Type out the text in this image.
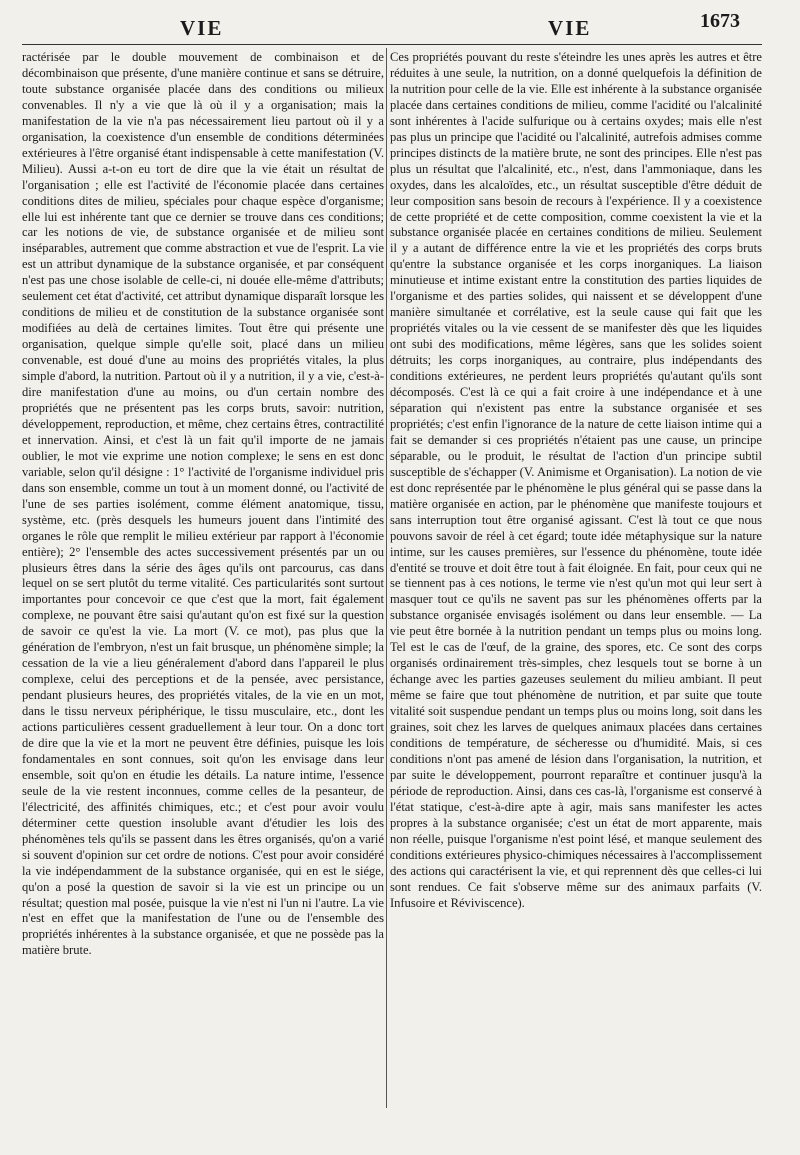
VIE	VIE	1673

ractérisée par le double mouvement de combinaison et de décombinaison que présente, d'une manière continue et sans se détruire, toute substance organisée placée dans des conditions ou milieux convenables. Il n'y a vie que là où il y a organisation; mais la manifestation de la vie n'a pas nécessairement lieu partout où il y a organisation, la coexistence d'un ensemble de conditions déterminées extérieures à l'être organisé étant indispensable à cette manifestation (V. Milieu). Aussi a-t-on eu tort de dire que la vie était un résultat de l'organisation ; elle est l'activité de l'économie placée dans certaines conditions dites de milieu, spéciales pour chaque espèce d'organisme; elle lui est inhérente tant que ce dernier se trouve dans ces conditions; car les notions de vie, de substance organisée et de milieu sont inséparables, autrement que comme abstraction et vue de l'esprit. La vie est un attribut dynamique de la substance organisée, et par conséquent n'est pas une chose isolable de celle-ci, ni douée elle-même d'attributs; seulement cet état d'activité, cet attribut dynamique disparaît lorsque les conditions de milieu et de constitution de la substance organisée sont modifiées au delà de certaines limites. Tout être qui présente une organisation, quelque simple qu'elle soit, placé dans un milieu convenable, est doué d'une au moins des propriétés vitales, la plus simple d'abord, la nutrition. Partout où il y a nutrition, il y a vie, c'est-à-dire manifestation d'une au moins, ou d'un certain nombre des propriétés que ne présentent pas les corps bruts, savoir: nutrition, développement, reproduction, et même, chez certains êtres, contractilité et innervation. Ainsi, et c'est là un fait qu'il importe de ne jamais oublier, le mot vie exprime une notion complexe; le sens en est donc variable, selon qu'il désigne : 1° l'activité de l'organisme individuel pris dans son ensemble, comme un tout à un moment donné, ou l'activité de l'une de ses parties isolément, comme élément anatomique, tissu, système, etc. (près desquels les humeurs jouent dans l'intimité des organes le rôle que remplit le milieu extérieur par rapport à l'économie entière); 2° l'ensemble des actes successivement présentés par un ou plusieurs êtres dans la série des âges qu'ils ont parcourus, cas dans lequel on se sert plutôt du terme vitalité. Ces particularités sont surtout importantes pour concevoir ce que c'est que la mort, fait également complexe, ne pouvant être saisi qu'autant qu'on est fixé sur la question de savoir ce qu'est la vie. La mort (V. ce mot), pas plus que la génération de l'embryon, n'est un fait brusque, un phénomène simple; la cessation de la vie a lieu généralement d'abord dans l'appareil le plus complexe, celui des perceptions et de la pensée, avec persistance, pendant plusieurs heures, des propriétés vitales, de la vie en un mot, dans le tissu nerveux périphérique, le tissu musculaire, etc., dont les actions particulières cessent graduellement à leur tour. On a donc tort de dire que la vie et la mort ne peuvent être définies, puisque les lois fondamentales en sont connues, soit qu'on les envisage dans leur ensemble, soit qu'on en étudie les détails. La nature intime, l'essence seule de la vie restent inconnues, comme celles de la pesanteur, de l'électricité, des affinités chimiques, etc.; et c'est pour avoir voulu déterminer cette question insoluble avant d'étudier les lois des phénomènes tels qu'ils se passent dans les êtres organisés, qu'on a varié si souvent d'opinion sur cet ordre de notions. C'est pour avoir considéré la vie indépendamment de la substance organisée, qui en est le siége, qu'on a posé la question de savoir si la vie est un principe ou un résultat; question mal posée, puisque la vie n'est ni l'un ni l'autre. La vie n'est en effet que la manifestation de l'une ou de l'ensemble des propriétés inhérentes à la substance organisée, et que ne possède pas la matière brute.

Ces propriétés pouvant du reste s'éteindre les unes après les autres et être réduites à une seule, la nutrition, on a donné quelquefois la définition de la nutrition pour celle de la vie. Elle est inhérente à la substance organisée placée dans certaines conditions de milieu, comme l'acidité ou l'alcalinité sont inhérentes à l'acide sulfurique ou à certains oxydes; mais elle n'est pas plus un principe que l'acidité ou l'alcalinité, autrefois admises comme principes distincts de la matière brute, ne sont des principes. Elle n'est pas plus un résultat que l'alcalinité, etc., n'est, dans l'ammoniaque, dans les oxydes, dans les alcaloïdes, etc., un résultat susceptible d'être déduit de leur composition sans besoin de recours à l'expérience. Il y a coexistence de cette propriété et de cette composition, comme coexistent la vie et la substance organisée placée en certaines conditions de milieu. Seulement il y a autant de différence entre la vie et les propriétés des corps bruts qu'entre la substance organisée et les corps inorganiques. La liaison minutieuse et intime existant entre la constitution des parties liquides de l'organisme et des parties solides, qui naissent et se développent d'une manière simultanée et corrélative, est la seule cause qui fait que les propriétés vitales ou la vie cessent de se manifester dès que les liquides ont subi des modifications, même légères, sans que les solides soient détruits; les corps inorganiques, au contraire, plus indépendants des conditions extérieures, ne perdent leurs propriétés qu'autant qu'ils sont décomposés. C'est là ce qui a fait croire à une indépendance et à une séparation qui n'existent pas entre la substance organisée et ses propriétés; c'est enfin l'ignorance de la nature de cette liaison intime qui a fait se demander si ces propriétés n'étaient pas une cause, un principe séparable, ou le produit, le résultat de l'action d'un principe subtil susceptible de s'échapper (V. Animisme et Organisation). La notion de vie est donc représentée par le phénomène le plus général qui se passe dans la matière organisée en action, par le phénomène que manifeste toujours et sans interruption tout être organisé agissant. C'est là tout ce que nous pouvons savoir de réel à cet égard; toute idée métaphysique sur la nature intime, sur les causes premières, sur l'essence du phénomène, toute idée d'entité se trouve et doit être tout à fait éloignée. En fait, pour ceux qui ne se tiennent pas à ces notions, le terme vie n'est qu'un mot qui leur sert à masquer tout ce qu'ils ne savent pas sur les phénomènes offerts par la substance organisée envisagés isolément ou dans leur ensemble. — La vie peut être bornée à la nutrition pendant un temps plus ou moins long. Tel est le cas de l'œuf, de la graine, des spores, etc. Ce sont des corps organisés ordinairement très-simples, chez lesquels tout se borne à un échange avec les parties gazeuses seulement du milieu ambiant. Il peut même se faire que tout phénomène de nutrition, et par suite que toute vitalité soit suspendue pendant un temps plus ou moins long, soit dans les graines, soit chez les larves de quelques animaux placées dans certaines conditions de température, de sécheresse ou d'humidité. Mais, si ces conditions n'ont pas amené de lésion dans l'organisation, la nutrition, et par suite le développement, pourront reparaître et continuer jusqu'à la période de reproduction. Ainsi, dans ces cas-là, l'organisme est conservé à l'état statique, c'est-à-dire apte à agir, mais sans manifester les actes propres à la substance organisée; c'est un état de mort apparente, mais non réelle, puisque l'organisme n'est point lésé, et manque seulement des conditions extérieures physico-chimiques nécessaires à l'accomplissement des actions qui caractérisent la vie, et qui reprennent dès que celles-ci lui sont rendues. Ce fait s'observe même sur des animaux parfaits (V. Infusoire et Réviviscence).
